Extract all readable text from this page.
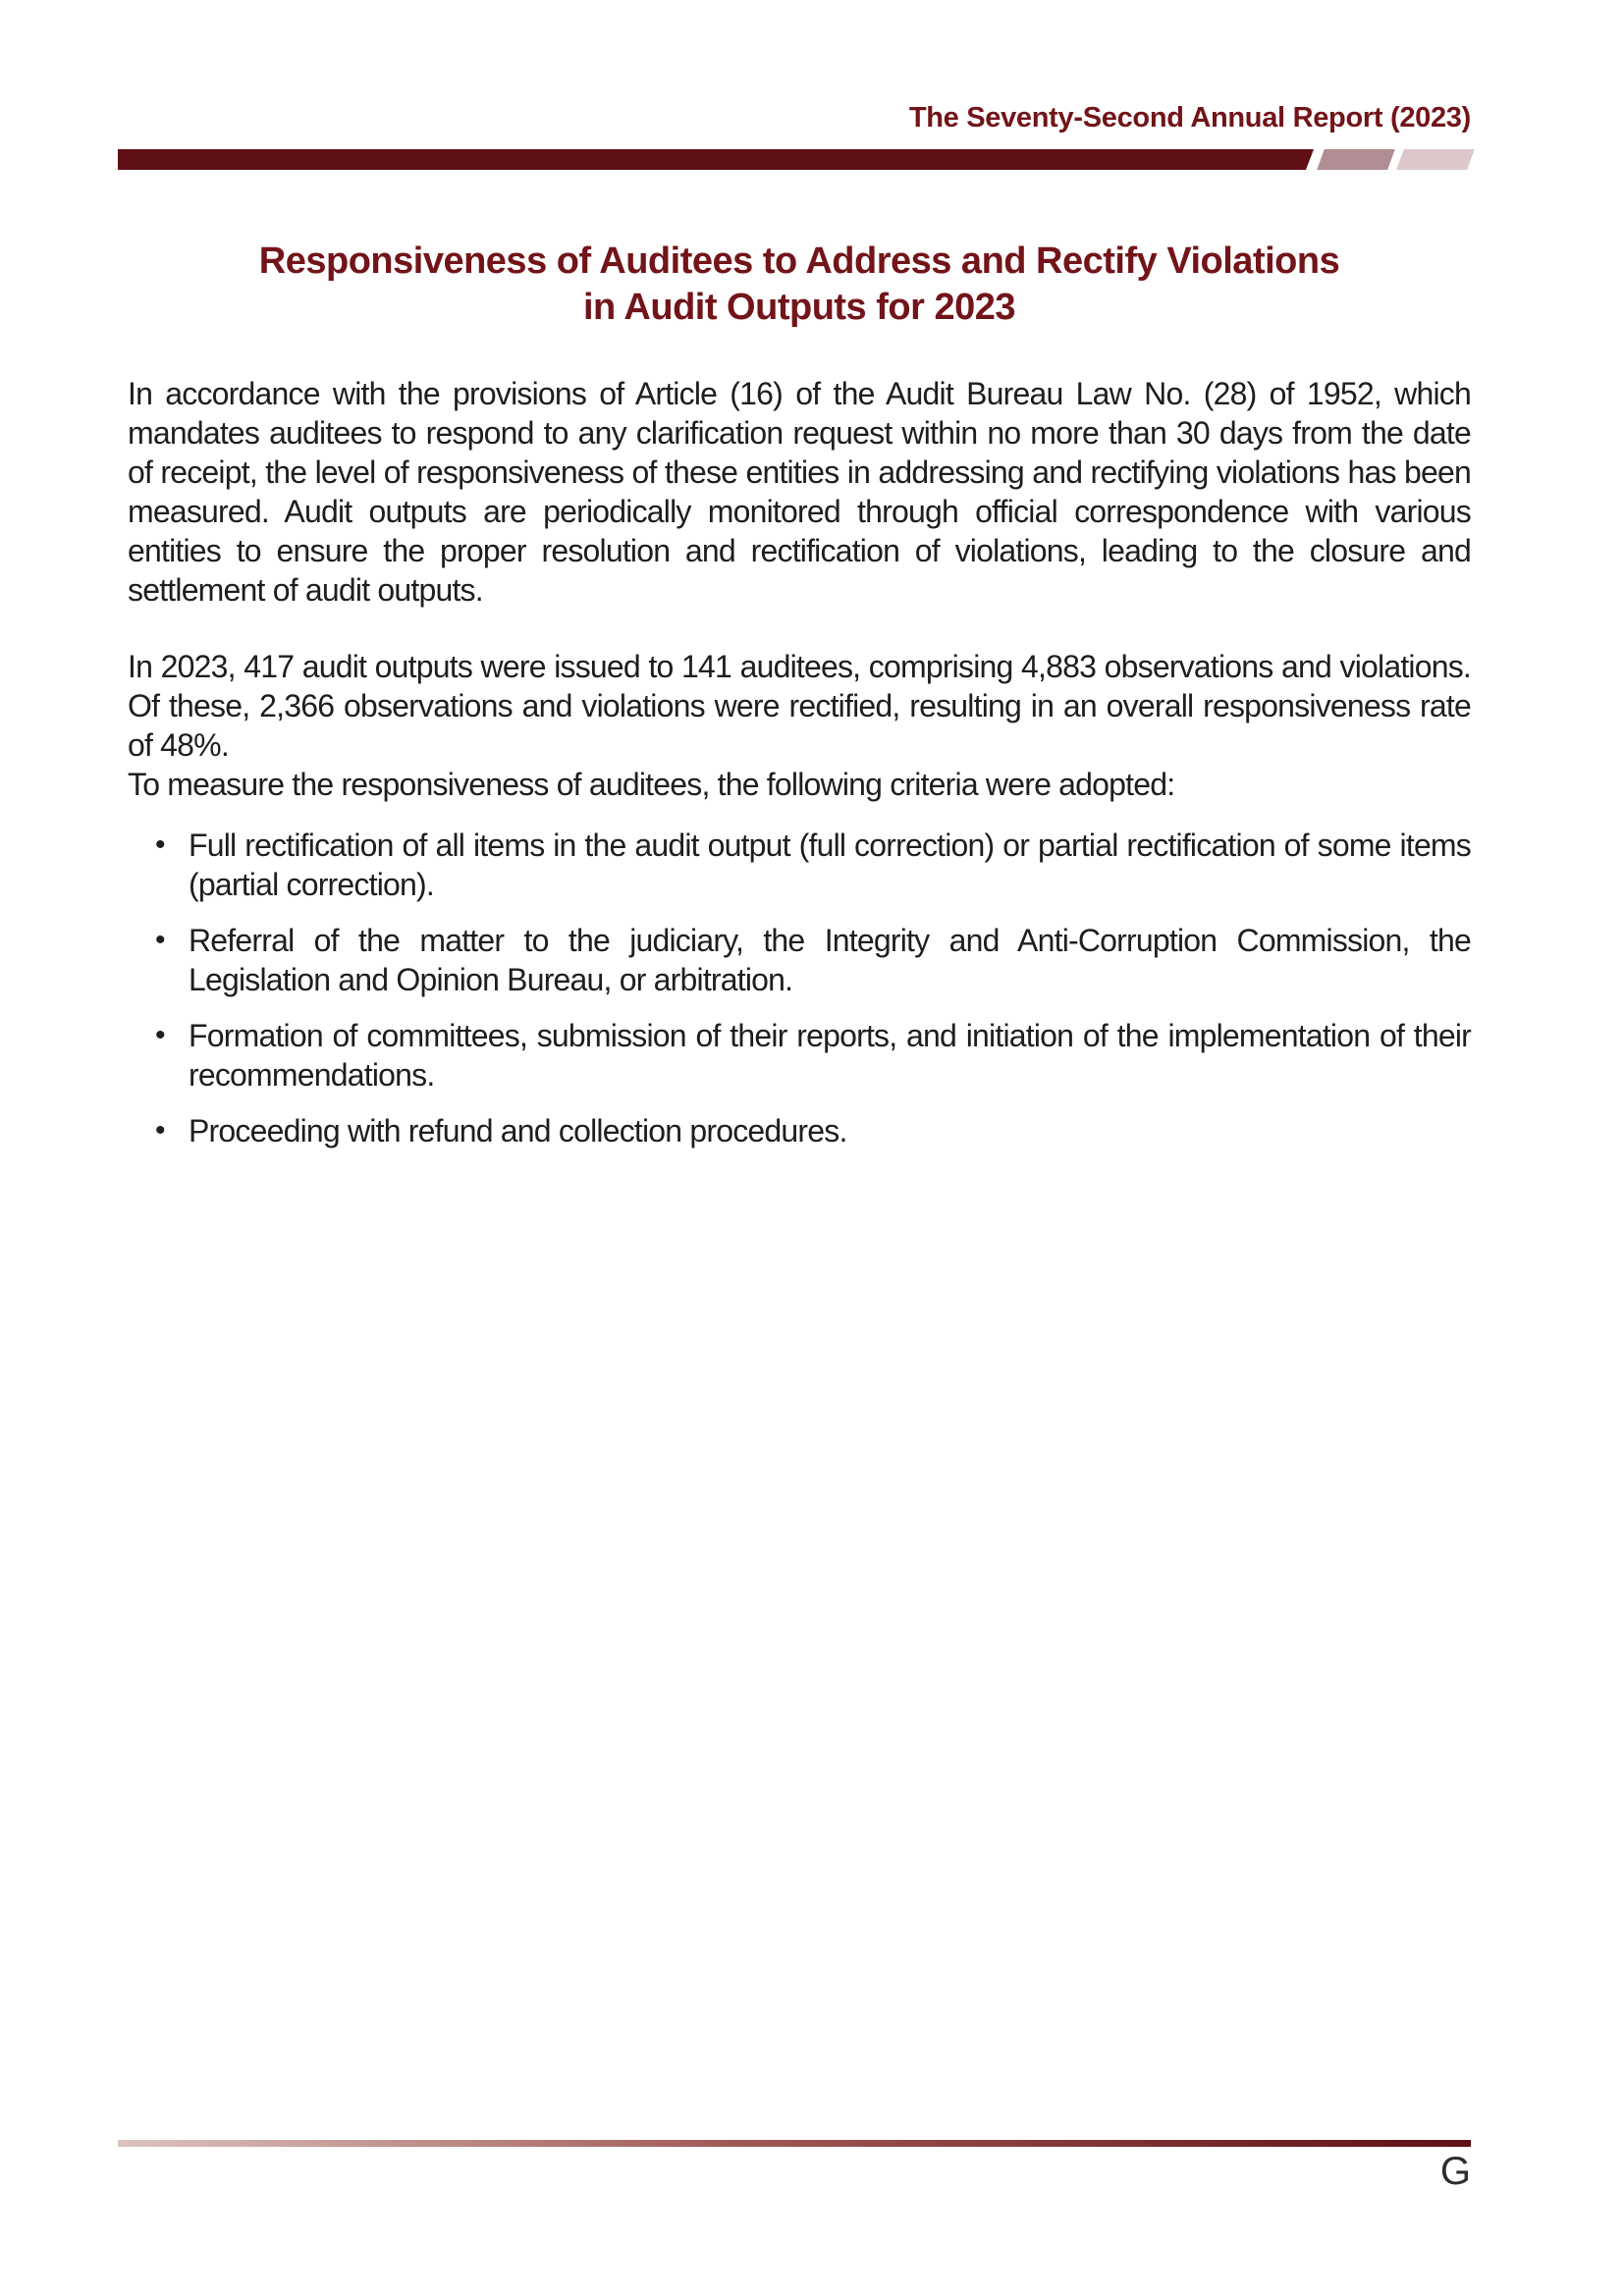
The Seventy-Second Annual Report (2023)
Responsiveness of Auditees to Address and Rectify Violations
in Audit Outputs for 2023

In accordance with the provisions of Article (16) of the Audit Bureau Law No. (28) of 1952, which mandates auditees to respond to any clarification request within no more than 30 days from the date of receipt, the level of responsiveness of these entities in addressing and rectifying violations has been measured. Audit outputs are periodically monitored through official correspondence with various entities to ensure the proper resolution and rectification of violations, leading to the closure and settlement of audit outputs.

In 2023, 417 audit outputs were issued to 141 auditees, comprising 4,883 observations and violations. Of these, 2,366 observations and violations were rectified, resulting in an overall responsiveness rate of 48%.

To measure the responsiveness of auditees, the following criteria were adopted:

• Full rectification of all items in the audit output (full correction) or partial rectification of some items (partial correction).
• Referral of the matter to the judiciary, the Integrity and Anti-Corruption Commission, the Legislation and Opinion Bureau, or arbitration.
• Formation of committees, submission of their reports, and initiation of the implementation of their recommendations.
• Proceeding with refund and collection procedures.
G
